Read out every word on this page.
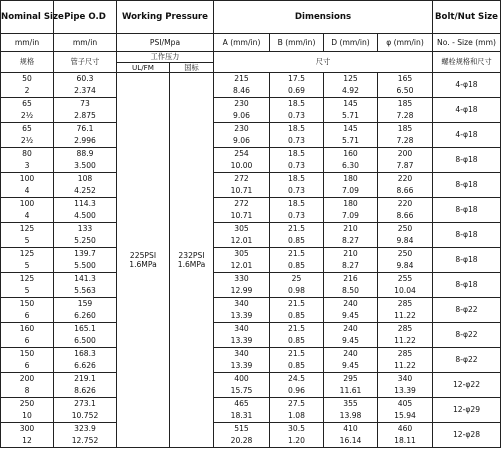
Nominal Size	Pipe O.D	Working Pressure		Dimensions				Bolt/Nut Size
mm/in	mm/in	PSI/Mpa		A (mm/in)	B (mm/in)	D (mm/in)	φ (mm/in)	No. - Size (mm)
规格	管子尺寸	工作压力		尺寸				螺栓规格和尺寸
		UL/FM	国标					
50	60.3	225PSI 1.6MPa	232PSI 1.6MPa	215	17.5	125	165	4-φ18
2	2.374			8.46	0.69	4.92	6.50	
65	73			230	18.5	145	185	4-φ18
2½	2.875			9.06	0.73	5.71	7.28	
65	76.1			230	18.5	145	185	4-φ18
2½	2.996			9.06	0.73	5.71	7.28	
80	88.9			254	18.5	160	200	8-φ18
3	3.500			10.00	0.73	6.30	7.87	
100	108			272	18.5	180	220	8-φ18
4	4.252			10.71	0.73	7.09	8.66	
100	114.3			272	18.5	180	220	8-φ18
4	4.500			10.71	0.73	7.09	8.66	
125	133			305	21.5	210	250	8-φ18
5	5.250			12.01	0.85	8.27	9.84	
125	139.7			305	21.5	210	250	8-φ18
5	5.500			12.01	0.85	8.27	9.84	
125	141.3			330	25	216	255	8-φ18
5	5.563			12.99	0.98	8.50	10.04	
150	159			340	21.5	240	285	8-φ22
6	6.260			13.39	0.85	9.45	11.22	
160	165.1			340	21.5	240	285	8-φ22
6	6.500			13.39	0.85	9.45	11.22	
150	168.3			340	21.5	240	285	8-φ22
6	6.626			13.39	0.85	9.45	11.22	
200	219.1			400	24.5	295	340	12-φ22
8	8.626			15.75	0.96	11.61	13.39	
250	273.1			465	27.5	355	405	12-φ29
10	10.752			18.31	1.08	13.98	15.94	
300	323.9			515	30.5	410	460	12-φ28
12	12.752			20.28	1.20	16.14	18.11	
